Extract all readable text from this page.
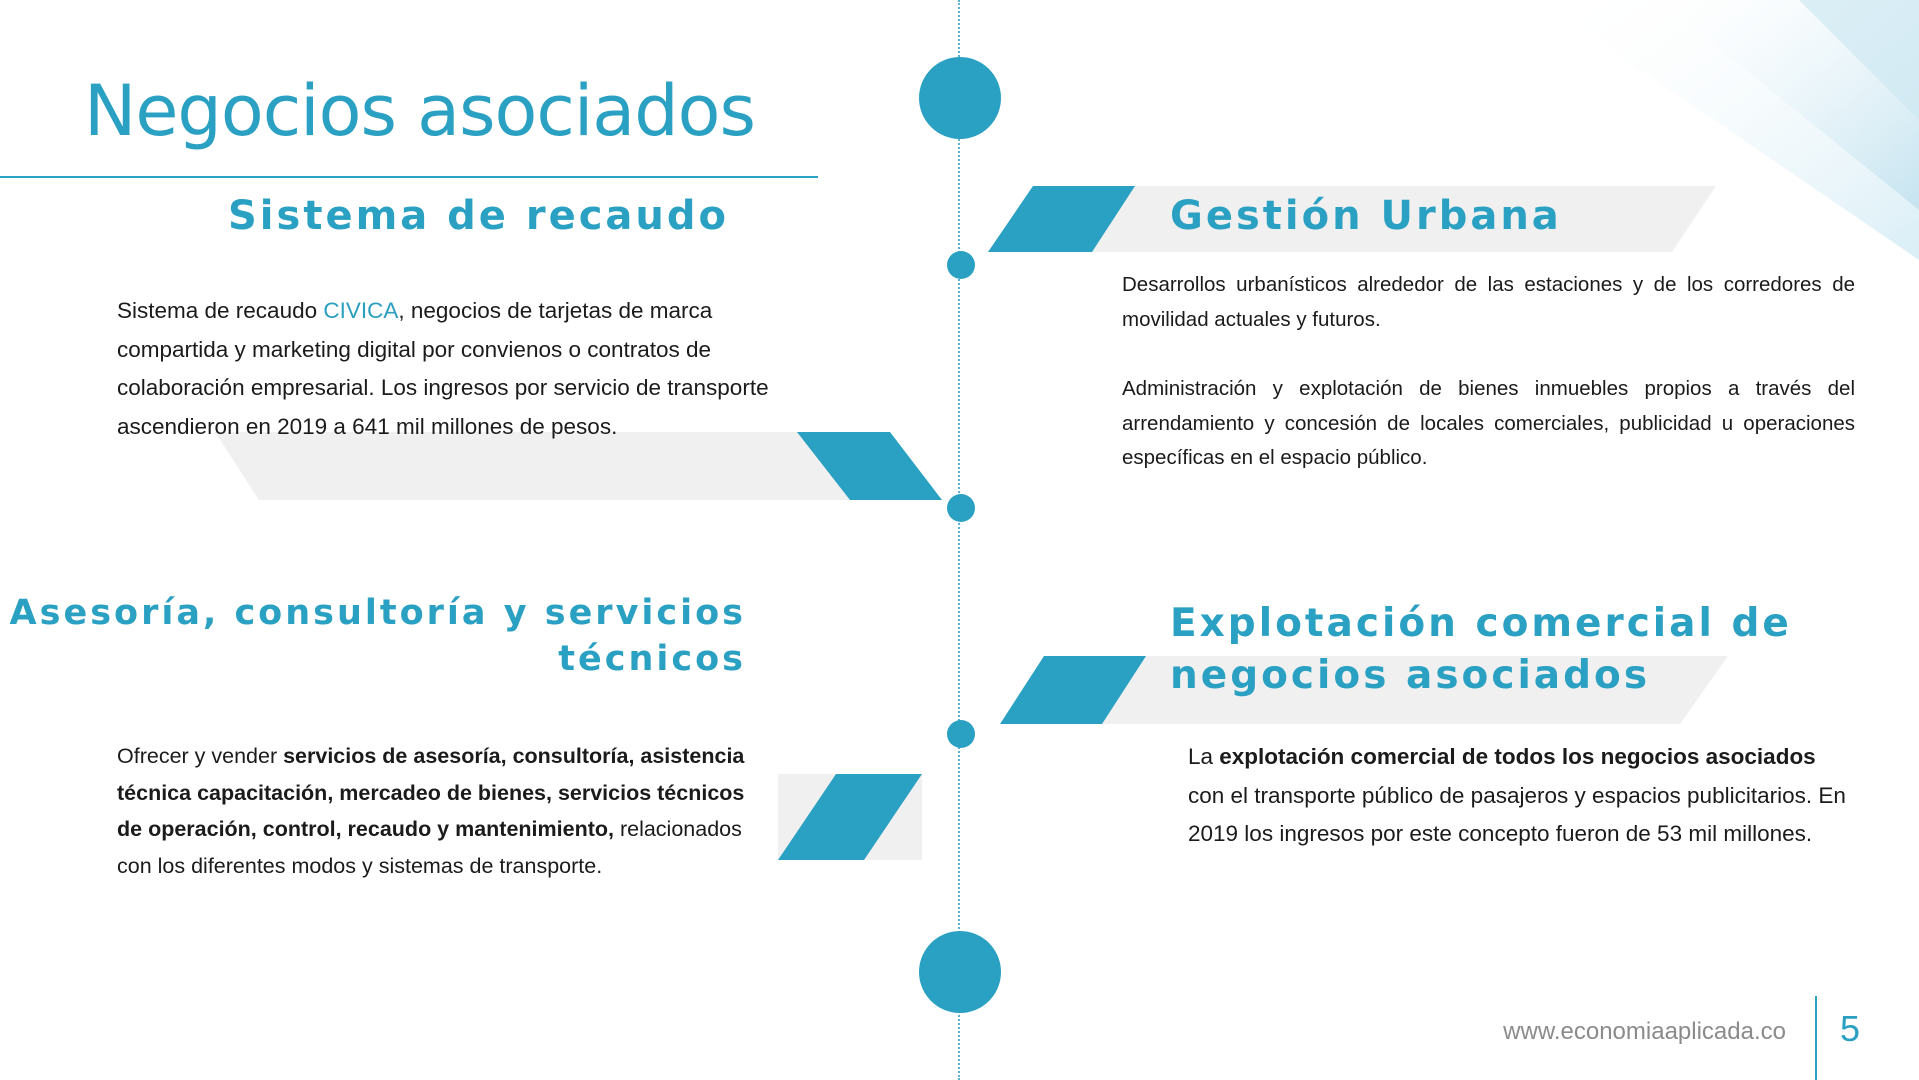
Negocios asociados
Sistema de recaudo

Sistema de recaudo CIVICA, negocios de tarjetas de marca compartida y marketing digital por convienos o contratos de colaboración empresarial. Los ingresos por servicio de transporte ascendieron en 2019 a 641 mil millones de pesos.

Gestión Urbana

Desarrollos urbanísticos alrededor de las estaciones y de los corredores de movilidad actuales y futuros.

Administración y explotación de bienes inmuebles propios a través del arrendamiento y concesión de locales comerciales, publicidad u operaciones específicas en el espacio público.

Asesoría, consultoría y servicios
técnicos

Ofrecer y vender servicios de asesoría, consultoría, asistencia técnica capacitación, mercadeo de bienes, servicios técnicos de operación, control, recaudo y mantenimiento, relacionados con los diferentes modos y sistemas de transporte.

Explotación comercial de
negocios asociados

La explotación comercial de todos los negocios asociados con el transporte público de pasajeros y espacios publicitarios. En 2019 los ingresos por este concepto fueron de 53 mil millones.

www.economiaaplicada.co 5
